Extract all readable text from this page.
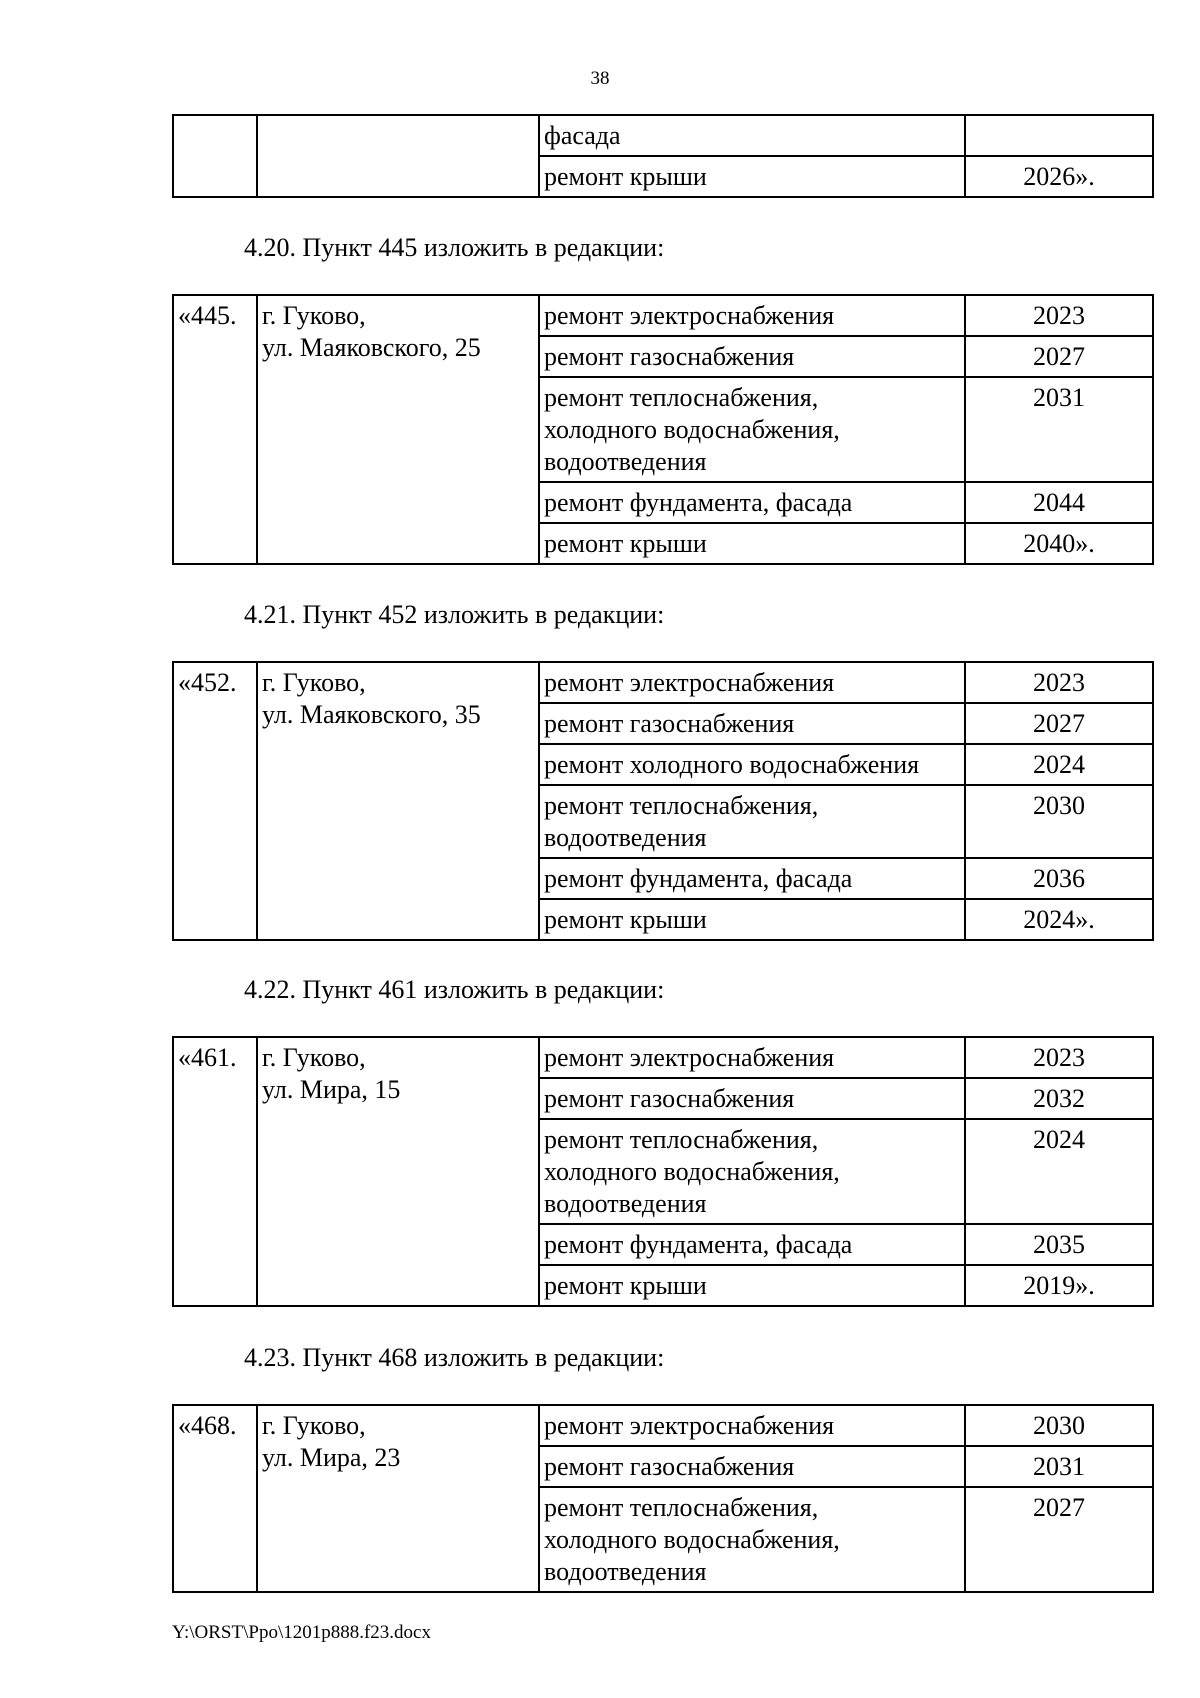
38
		фасада	
		ремонт крыши	2026».
4.20. Пункт 445 изложить в редакции:
«445.	г. Гуково,
ул. Маяковского, 25	ремонт электроснабжения	2023
		ремонт газоснабжения	2027
		ремонт теплоснабжения,
холодного водоснабжения,
водоотведения	2031
		ремонт фундамента, фасада	2044
		ремонт крыши	2040».
4.21. Пункт 452 изложить в редакции:
«452.	г. Гуково,
ул. Маяковского, 35	ремонт электроснабжения	2023
		ремонт газоснабжения	2027
		ремонт холодного водоснабжения	2024
		ремонт теплоснабжения,
водоотведения	2030
		ремонт фундамента, фасада	2036
		ремонт крыши	2024».
4.22. Пункт 461 изложить в редакции:
«461.	г. Гуково,
ул. Мира, 15	ремонт электроснабжения	2023
		ремонт газоснабжения	2032
		ремонт теплоснабжения,
холодного водоснабжения,
водоотведения	2024
		ремонт фундамента, фасада	2035
		ремонт крыши	2019».
4.23. Пункт 468 изложить в редакции:
«468.	г. Гуково,
ул. Мира, 23	ремонт электроснабжения	2030
		ремонт газоснабжения	2031
		ремонт теплоснабжения,
холодного водоснабжения,
водоотведения	2027
Y:\ORST\Ppo\1201p888.f23.docx
